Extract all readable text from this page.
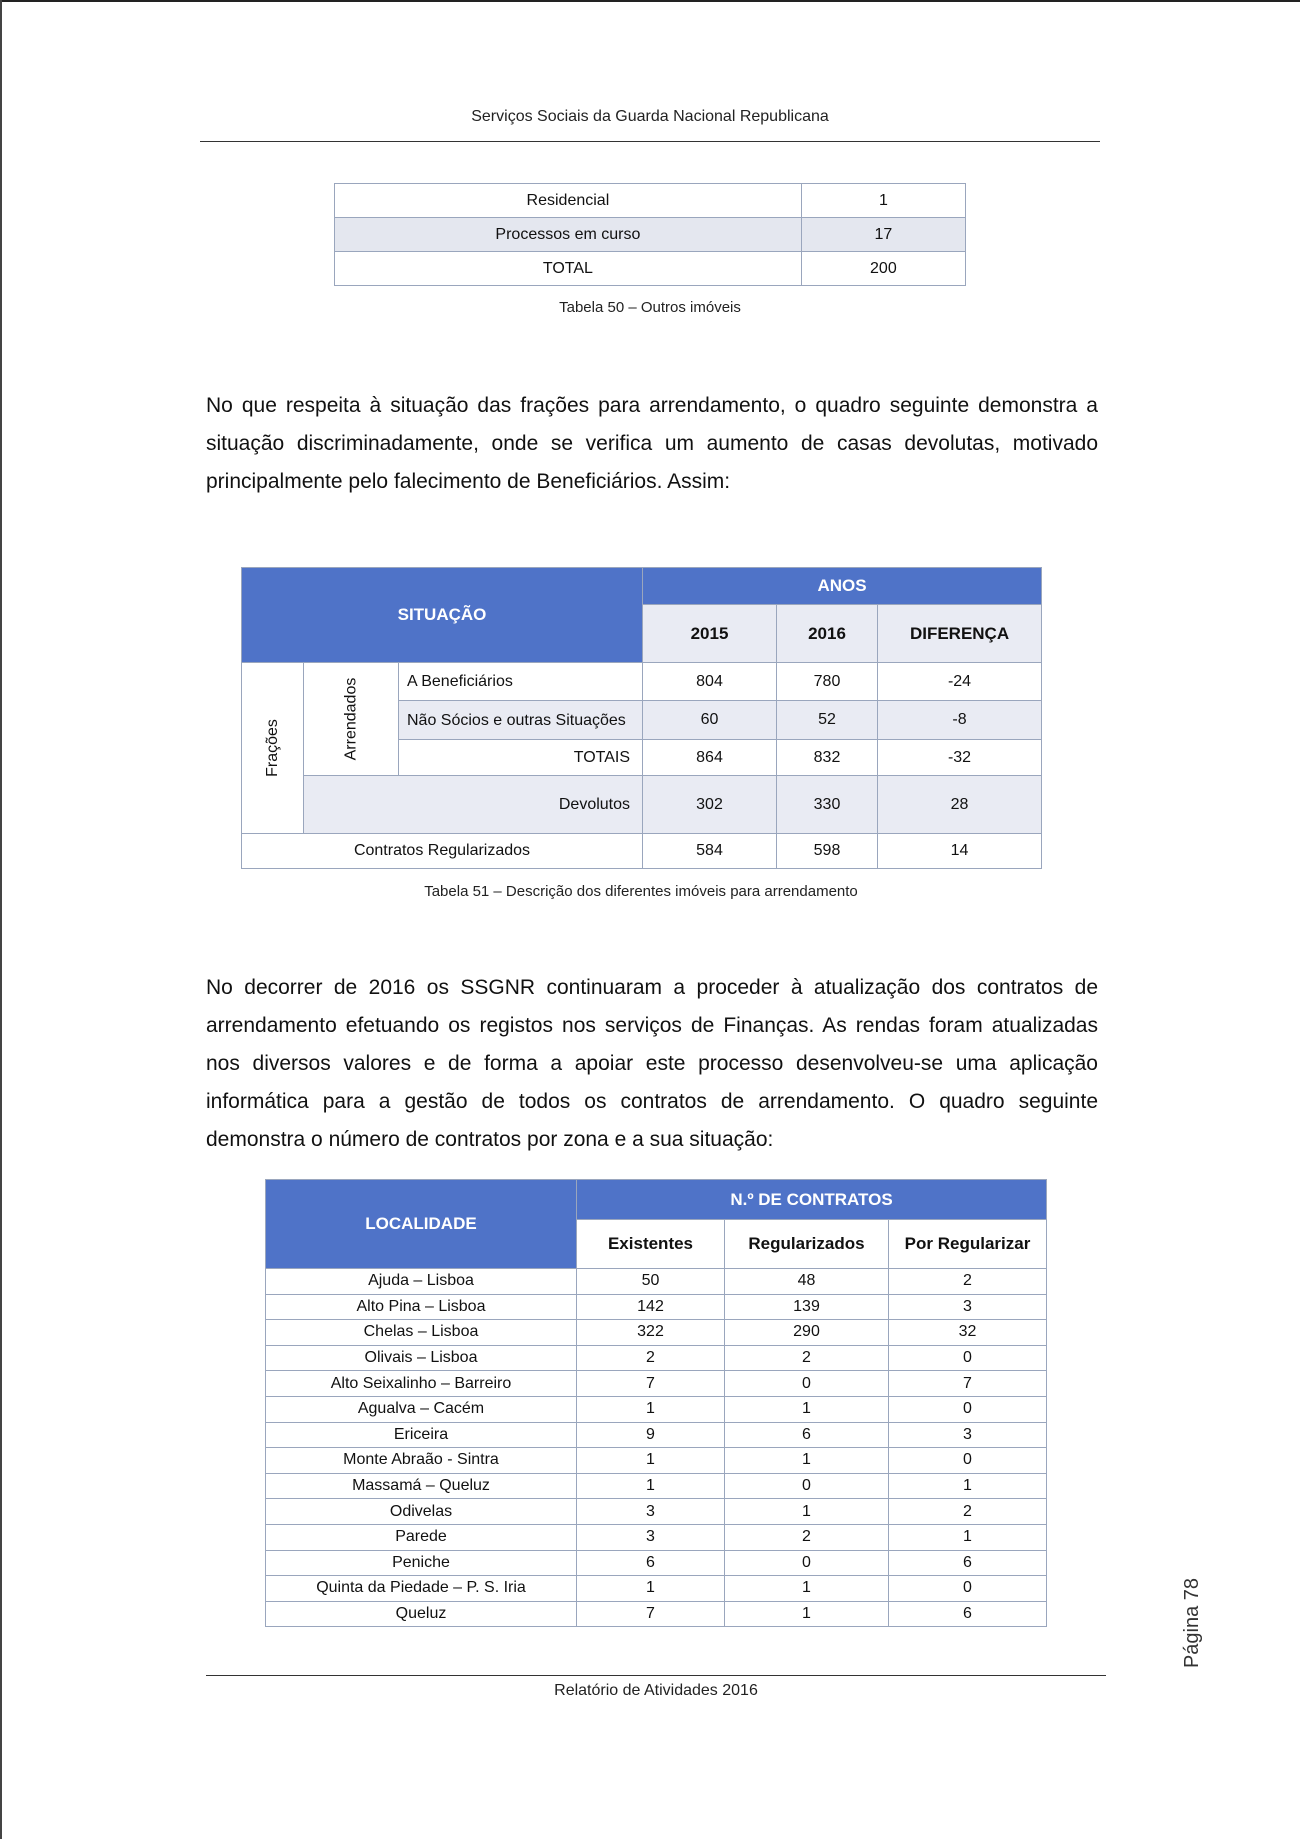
Serviços Sociais da Guarda Nacional Republicana
Residencial	1
Processos em curso	17
TOTAL	200
Tabela 50 – Outros imóveis
No que respeita à situação das frações para arrendamento, o quadro seguinte demonstra a situação discriminadamente, onde se verifica um aumento de casas devolutas, motivado principalmente pelo falecimento de Beneficiários. Assim:
SITUAÇÃO			ANOS		
			2015	2016	DIFERENÇA
Frações	Arrendados	A Beneficiários	804	780	-24
		Não Sócios e outras Situações	60	52	-8
		TOTAIS	864	832	-32
	Devolutos		302	330	28
Contratos Regularizados			584	598	14
Tabela 51 – Descrição dos diferentes imóveis para arrendamento
No decorrer de 2016 os SSGNR continuaram a proceder à atualização dos contratos de arrendamento efetuando os registos nos serviços de Finanças. As rendas foram atualizadas nos diversos valores e de forma a apoiar este processo desenvolveu-se uma aplicação informática para a gestão de todos os contratos de arrendamento. O quadro seguinte demonstra o número de contratos por zona e a sua situação:
LOCALIDADE	N.º DE CONTRATOS		
	Existentes	Regularizados	Por Regularizar
Ajuda – Lisboa	50	48	2
Alto Pina – Lisboa	142	139	3
Chelas – Lisboa	322	290	32
Olivais – Lisboa	2	2	0
Alto Seixalinho – Barreiro	7	0	7
Agualva – Cacém	1	1	0
Ericeira	9	6	3
Monte Abraão - Sintra	1	1	0
Massamá – Queluz	1	0	1
Odivelas	3	1	2
Parede	3	2	1
Peniche	6	0	6
Quinta da Piedade – P. S. Iria	1	1	0
Queluz	7	1	6	Página 78
Relatório de Atividades 2016
